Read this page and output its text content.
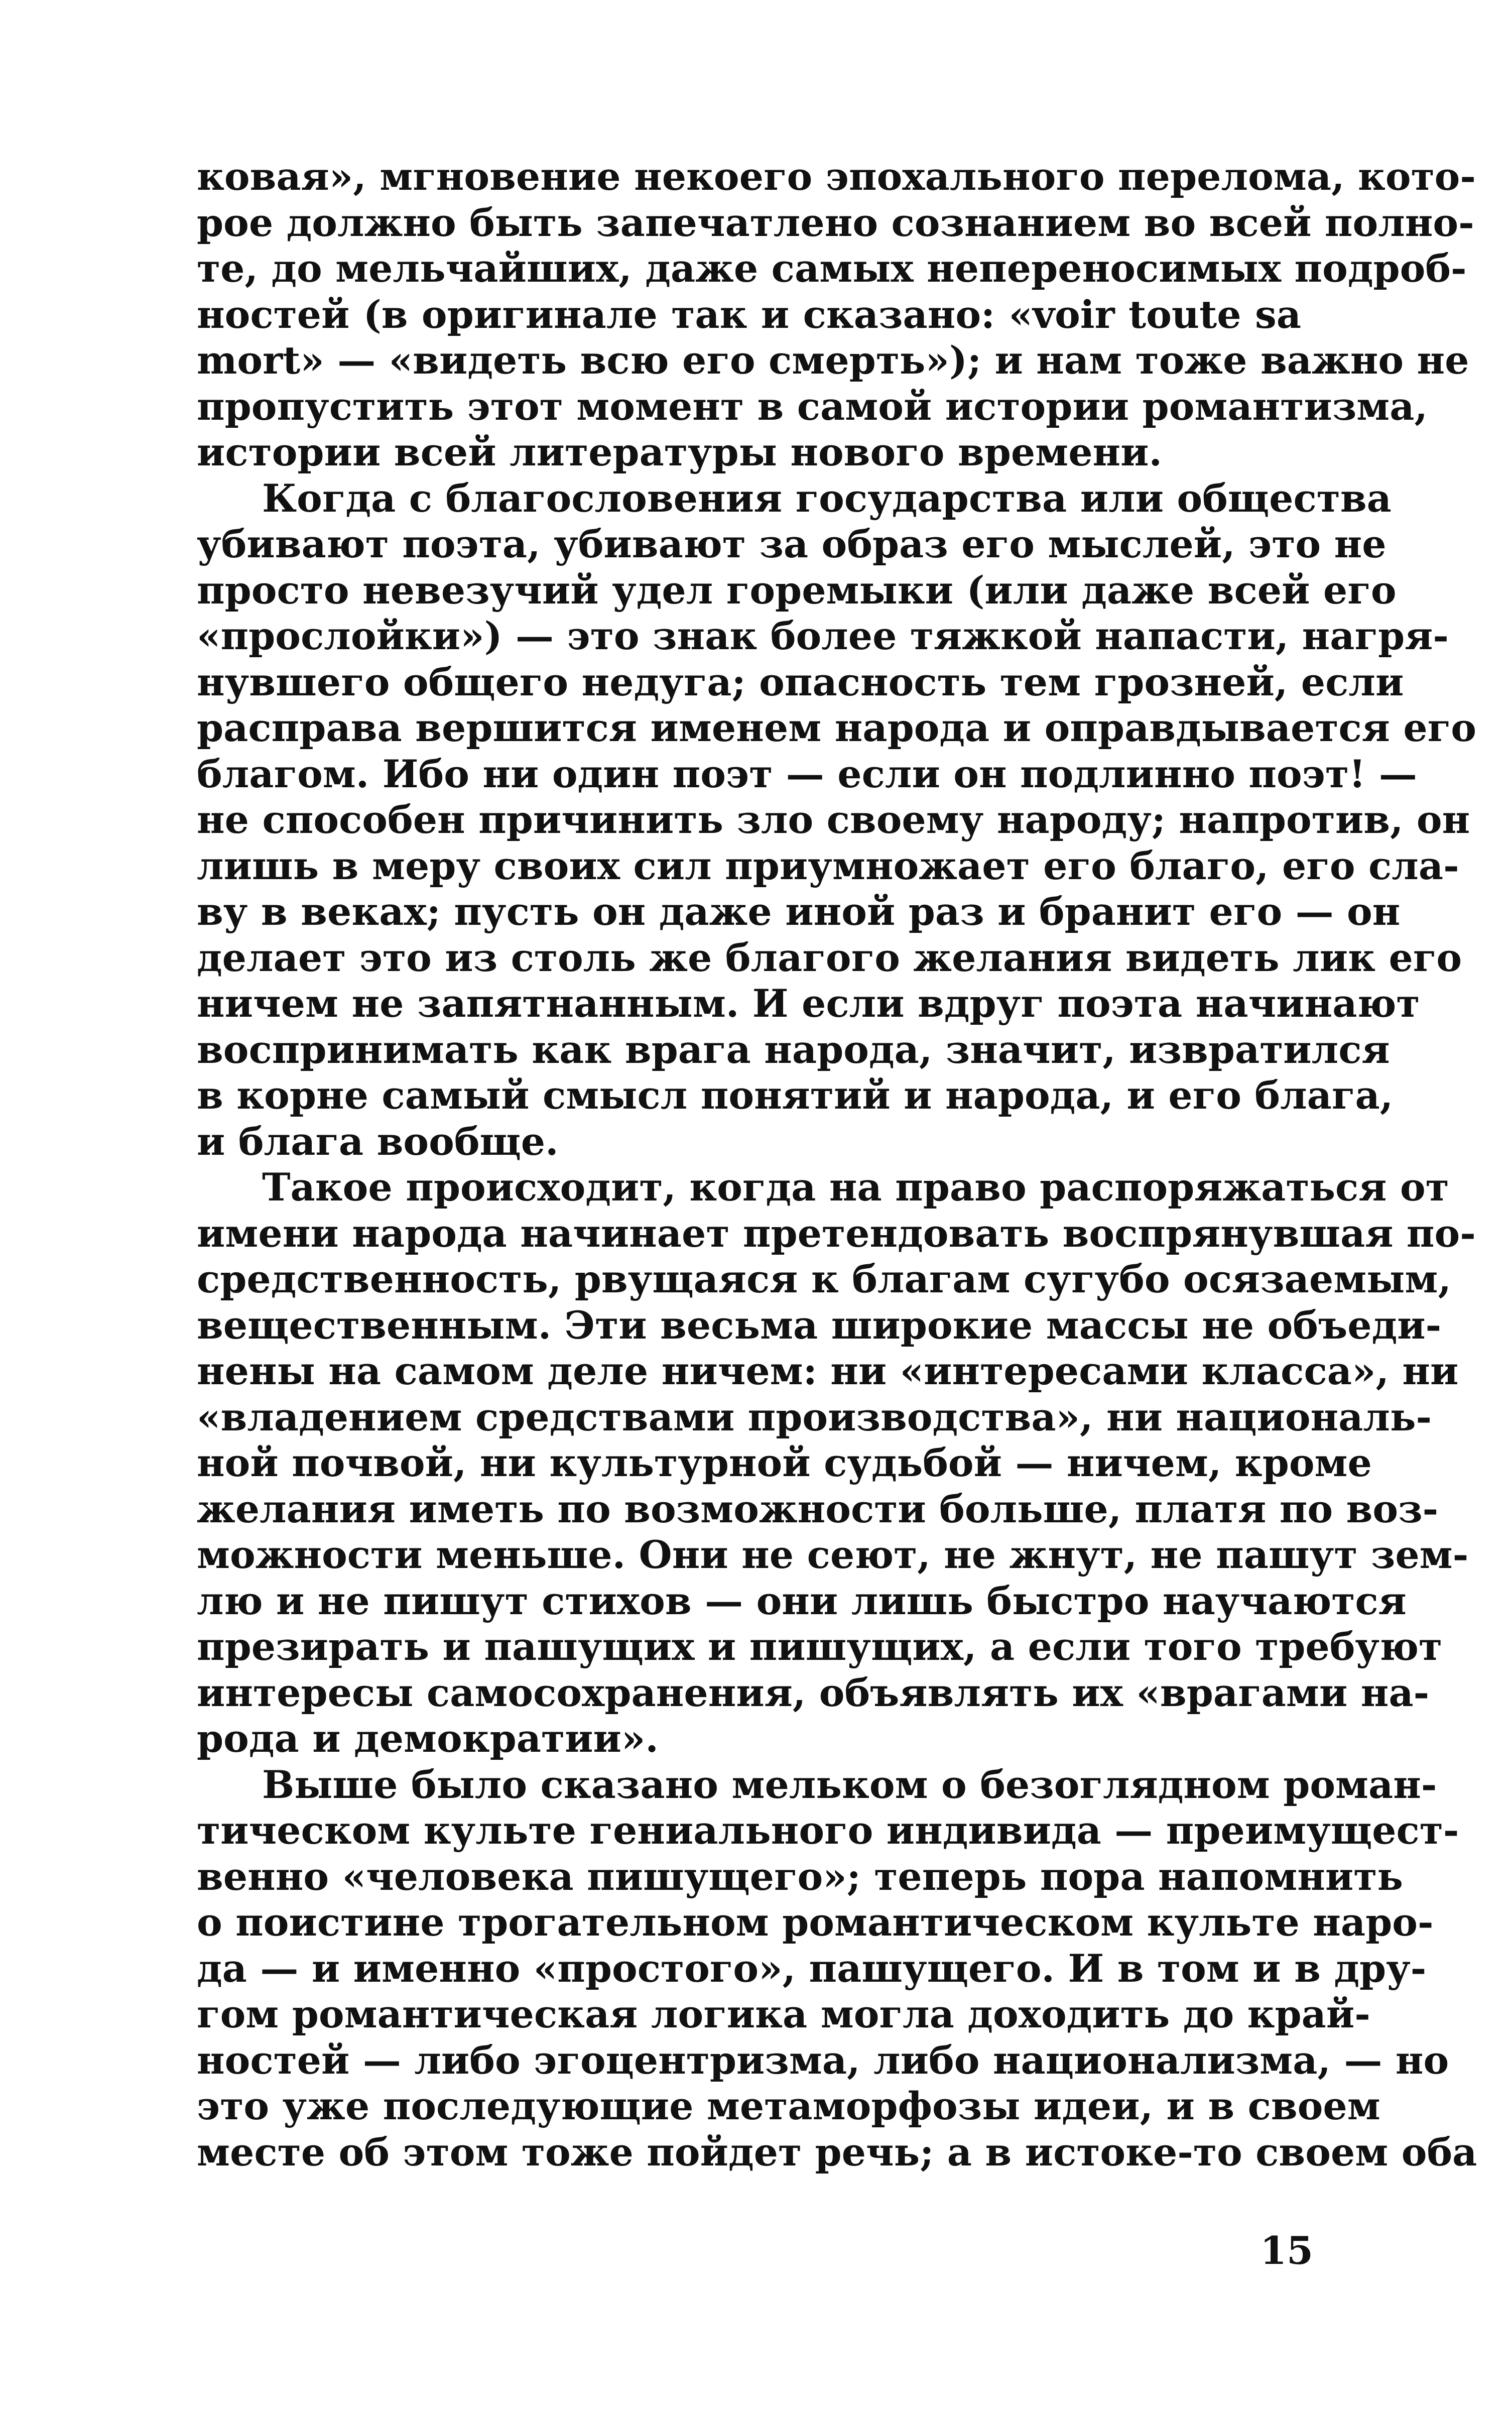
ковая», мгновение некоего эпохального перелома, кото-
рое должно быть запечатлено сознанием во всей полно-
те, до мельчайших, даже самых непереносимых подроб-
ностей (в оригинале так и сказано: «voir toute sa
mort» — «видеть всю его смерть»); и нам тоже важно не
пропустить этот момент в самой истории романтизма,
истории всей литературы нового времени.
Когда с благословения государства или общества
убивают поэта, убивают за образ его мыслей, это не
просто невезучий удел горемыки (или даже всей его
«прослойки») — это знак более тяжкой напасти, нагря-
нувшего общего недуга; опасность тем грозней, если
расправа вершится именем народа и оправдывается его
благом. Ибо ни один поэт — если он подлинно поэт! —
не способен причинить зло своему народу; напротив, он
лишь в меру своих сил приумножает его благо, его сла-
ву в веках; пусть он даже иной раз и бранит его — он
делает это из столь же благого желания видеть лик его
ничем не запятнанным. И если вдруг поэта начинают
воспринимать как врага народа, значит, извратился
в корне самый смысл понятий и народа, и его блага,
и блага вообще.
Такое происходит, когда на право распоряжаться от
имени народа начинает претендовать воспрянувшая по-
средственность, рвущаяся к благам сугубо осязаемым,
вещественным. Эти весьма широкие массы не объеди-
нены на самом деле ничем: ни «интересами класса», ни
«владением средствами производства», ни националь-
ной почвой, ни культурной судьбой — ничем, кроме
желания иметь по возможности больше, платя по воз-
можности меньше. Они не сеют, не жнут, не пашут зем-
лю и не пишут стихов — они лишь быстро научаются
презирать и пашущих и пишущих, а если того требуют
интересы самосохранения, объявлять их «врагами на-
рода и демократии».
Выше было сказано мельком о безоглядном роман-
тическом культе гениального индивида — преимущест-
венно «человека пишущего»; теперь пора напомнить
о поистине трогательном романтическом культе наро-
да — и именно «простого», пашущего. И в том и в дру-
гом романтическая логика могла доходить до край-
ностей — либо эгоцентризма, либо национализма, — но
это уже последующие метаморфозы идеи, и в своем
месте об этом тоже пойдет речь; а в истоке-то своем оба
15
